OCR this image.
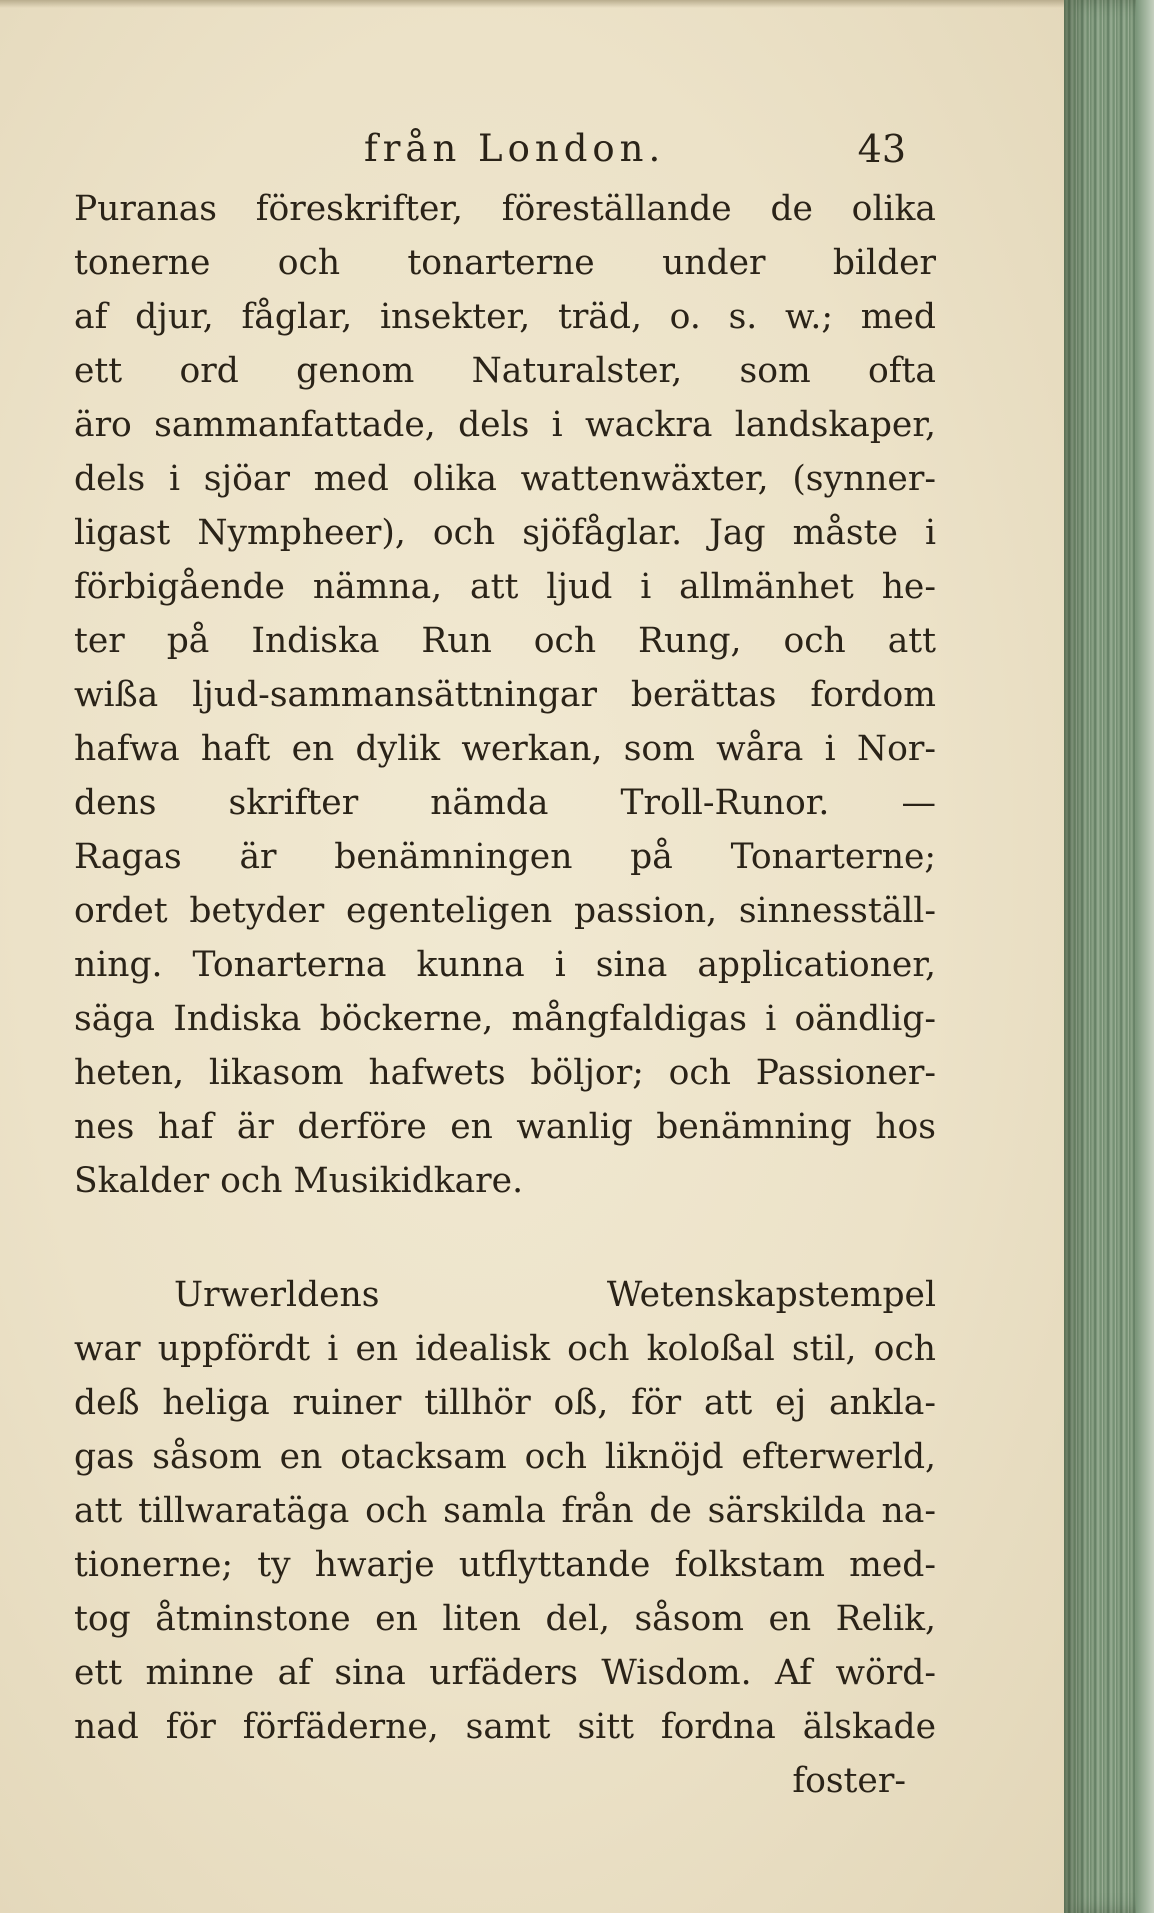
från London.	43
Puranas föreskrifter, föreställande de olika
tonerne och tonarterne under bilder
af djur, fåglar, insekter, träd, o. s. w.; med
ett ord genom Naturalster, som ofta
äro sammanfattade, dels i wackra landskaper,
dels i sjöar med olika wattenwäxter, (synner-
ligast Nympheer), och sjöfåglar. Jag måste i
förbigående nämna, att ljud i allmänhet he-
ter på Indiska Run och Rung, och att
wißa ljud-sammansättningar berättas fordom
hafwa haft en dylik werkan, som wåra i Nor-
dens skrifter nämda Troll-Runor. —
Ragas är benämningen på Tonarterne;
ordet betyder egenteligen passion, sinnesställ-
ning. Tonarterna kunna i sina applicationer,
säga Indiska böckerne, mångfaldigas i oändlig-
heten, likasom hafwets böljor; och Passioner-
nes haf är derföre en wanlig benämning hos
Skalder och Musikidkare.
Urwerldens Wetenskapstempel
war uppfördt i en idealisk och koloßal stil, och
deß heliga ruiner tillhör oß, för att ej ankla-
gas såsom en otacksam och liknöjd efterwerld,
att tillwaratäga och samla från de särskilda na-
tionerne; ty hwarje utflyttande folkstam med-
tog åtminstone en liten del, såsom en Relik,
ett minne af sina urfäders Wisdom. Af wörd-
nad för förfäderne, samt sitt fordna älskade
foster-
